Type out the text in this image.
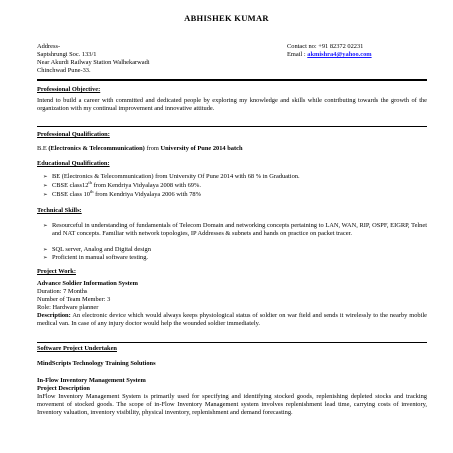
ABHISHEK KUMAR
Address-
Saptshrungi Soc. 133/1
Near Akurdi Railway Station Walhekarwadi
Chinchwad Pune-33.
Contact no: +91 82372 02231
Email : akmishra4@yahoo.com
Professional Objective:
Intend to build a career with committed and dedicated people by exploring my knowledge and skills while contributing towards the growth of the organization with my continual improvement and innovative attitude.
Professional Qualification:
B.E (Electronics & Telecommunication) from University of Pune 2014 batch
Educational Qualification:
➢ BE (Electronics & Telecommunication) from University Of Pune 2014 with 68 % in Graduation.
➢ CBSE class12th from Kendriya Vidyalaya 2008 with 69%.
➢ CBSE class 10th from Kendriya Vidyalaya 2006 with 78%
Technical Skills:
➢ Resourceful in understanding of fundamentals of Telecom Domain and networking concepts pertaining to LAN, WAN, RIP, OSPF, EIGRP, Telnet and NAT concepts. Familiar with network topologies, IP Addresses & subnets and hands on practice on packet tracer.
➢ SQL server, Analog and Digital design
➢ Proficient in manual software testing.
Project Work:
Advance Soldier Information System
Duration: 7 Months
Number of Team Member: 3
Role: Hardware planner
Description: An electronic device which would always keeps physiological status of soldier on war field and sends it wirelessly to the nearby mobile medical van. In case of any injury doctor would help the wounded soldier immediately.
Software Project Undertaken
MindScripts Technology Training Solutions
In-Flow Inventory Management System
Project Description
InFlow Inventory Management System is primarily used for specifying and identifying stocked goods, replenishing depleted stocks and tracking movement of stocked goods. The scope of in-Flow Inventory Management system involves replenishment lead time, carrying costs of inventory, Inventory valuation, inventory visibility, physical inventory, replenishment and demand forecasting.
